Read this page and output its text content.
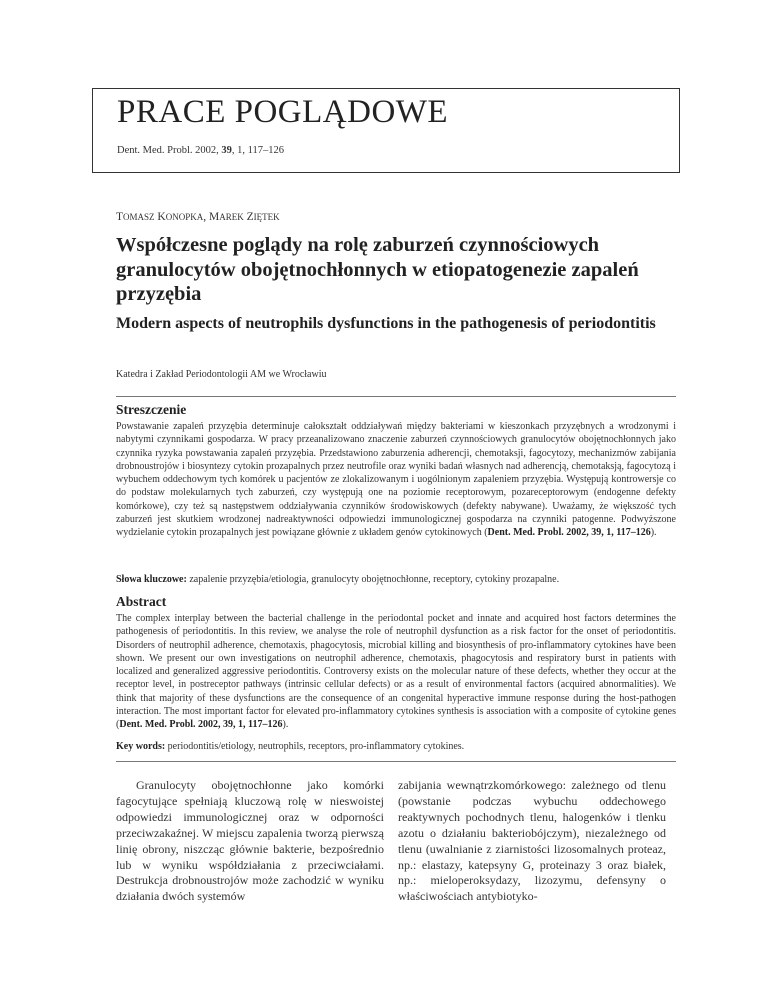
PRACE POGLĄDOWE
Dent. Med. Probl. 2002, 39, 1, 117–126
TOMASZ KONOPKA, MAREK ZIĘTEK
Współczesne poglądy na rolę zaburzeń czynnościowych granulocytów obojętnochłonnych w etiopatogenezie zapaleń przyzębia
Modern aspects of neutrophils dysfunctions in the pathogenesis of periodontitis
Katedra i Zakład Periodontologii AM we Wrocławiu
Streszczenie

Powstawanie zapaleń przyzębia determinuje całokształt oddziaływań między bakteriami w kieszonkach przyzębnych a wrodzonymi i nabytymi czynnikami gospodarza. W pracy przeanalizowano znaczenie zaburzeń czynnościowych granulocytów obojętnochłonnych jako czynnika ryzyka powstawania zapaleń przyzębia. Przedstawiono zaburzenia adherencji, chemotaksji, fagocytozy, mechanizmów zabijania drobnoustrojów i biosyntezy cytokin prozapalnych przez neutrofile oraz wyniki badań własnych nad adherencją, chemotaksją, fagocytozą i wybuchem oddechowym tych komórek u pacjentów ze zlokalizowanym i uogólnionym zapaleniem przyzębia. Występują kontrowersje co do podstaw molekularnych tych zaburzeń, czy występują one na poziomie receptorowym, pozareceptorowym (endogenne defekty komórkowe), czy też są następstwem oddziaływania czynników środowiskowych (defekty nabywane). Uważamy, że większość tych zaburzeń jest skutkiem wrodzonej nadreaktywności odpowiedzi immunologicznej gospodarza na czynniki patogenne. Podwyższone wydzielanie cytokin prozapalnych jest powiązane głównie z układem genów cytokinowych (Dent. Med. Probl. 2002, 39, 1, 117–126).

Słowa kluczowe: zapalenie przyzębia/etiologia, granulocyty obojętnochłonne, receptory, cytokiny prozapalne.

Abstract

The complex interplay between the bacterial challenge in the periodontal pocket and innate and acquired host factors determines the pathogenesis of periodontitis. In this review, we analyse the role of neutrophil dysfunction as a risk factor for the onset of periodontitis. Disorders of neutrophil adherence, chemotaxis, phagocytosis, microbial killing and biosynthesis of pro-inflammatory cytokines have been shown. We present our own investigations on neutrophil adherence, chemotaxis, phagocytosis and respiratory burst in patients with localized and generalized aggressive periodontitis. Controversy exists on the molecular nature of these defects, whether they occur at the receptor level, in postreceptor pathways (intrinsic cellular defects) or as a result of environmental factors (acquired abnormalities). We think that majority of these dysfunctions are the consequence of an congenital hyperactive immune response during the host-pathogen interaction. The most important factor for elevated pro-inflammatory cytokines synthesis is association with a composite of cytokine genes (Dent. Med. Probl. 2002, 39, 1, 117–126).

Key words: periodontitis/etiology, neutrophils, receptors, pro-inflammatory cytokines.

Granulocyty obojętnochłonne jako komórki fagocytujące spełniają kluczową rolę w nieswoistej odpowiedzi immunologicznej oraz w odporności przeciwzakaźnej. W miejscu zapalenia tworzą pierwszą linię obrony, niszcząc głównie bakterie, bezpośrednio lub w wyniku współdziałania z przeciwciałami. Destrukcja drobnoustrojów może zachodzić w wyniku działania dwóch systemów

zabijania wewnątrzkomórkowego: zależnego od tlenu (powstanie podczas wybuchu oddechowego reaktywnych pochodnych tlenu, halogenków i tlenku azotu o działaniu bakteriobójczym), niezależnego od tlenu (uwalnianie z ziarnistości lizosomalnych proteaz, np.: elastazy, katepsyny G, proteinazy 3 oraz białek, np.: mieloperoksydazy, lizozymu, defensyny o właściwościach antybiotyko-
